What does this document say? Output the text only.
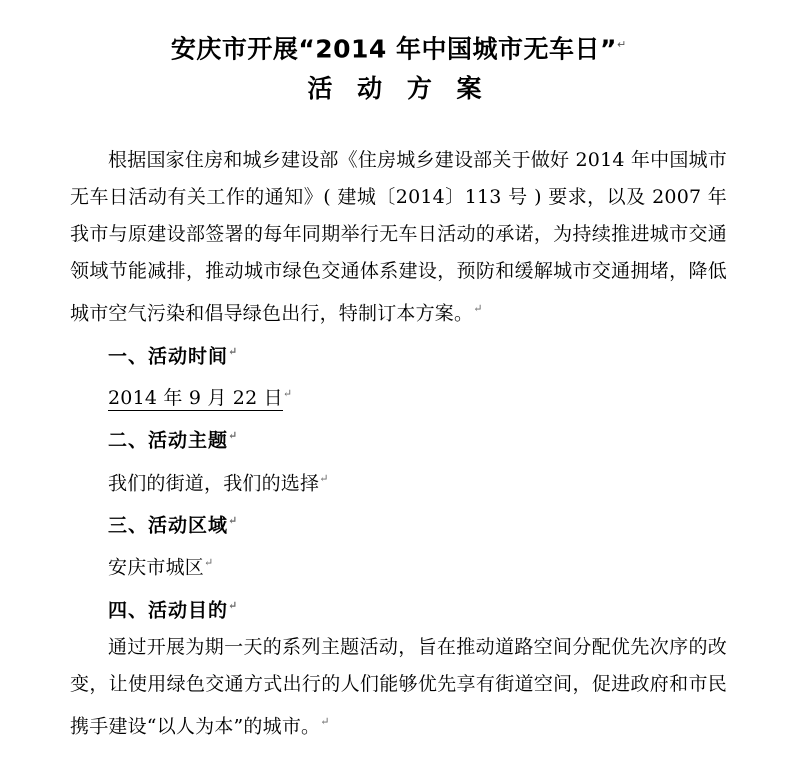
安庆市开展“2014 年中国城市无车日”↵
活 动 方 案

根据国家住房和城乡建设部《住房城乡建设部关于做好 2014 年中国城市无车日活动有关工作的通知》( 建城〔2014〕113 号 ) 要求，以及 2007 年我市与原建设部签署的每年同期举行无车日活动的承诺，为持续推进城市交通领域节能减排，推动城市绿色交通体系建设，预防和缓解城市交通拥堵，降低城市空气污染和倡导绿色出行，特制订本方案。↵

一、活动时间↵

2014 年 9 月 22 日↵

二、活动主题↵

我们的街道，我们的选择↵

三、活动区域↵

安庆市城区↵

四、活动目的↵

通过开展为期一天的系列主题活动，旨在推动道路空间分配优先次序的改变，让使用绿色交通方式出行的人们能够优先享有街道空间，促进政府和市民携手建设“以人为本”的城市。↵
